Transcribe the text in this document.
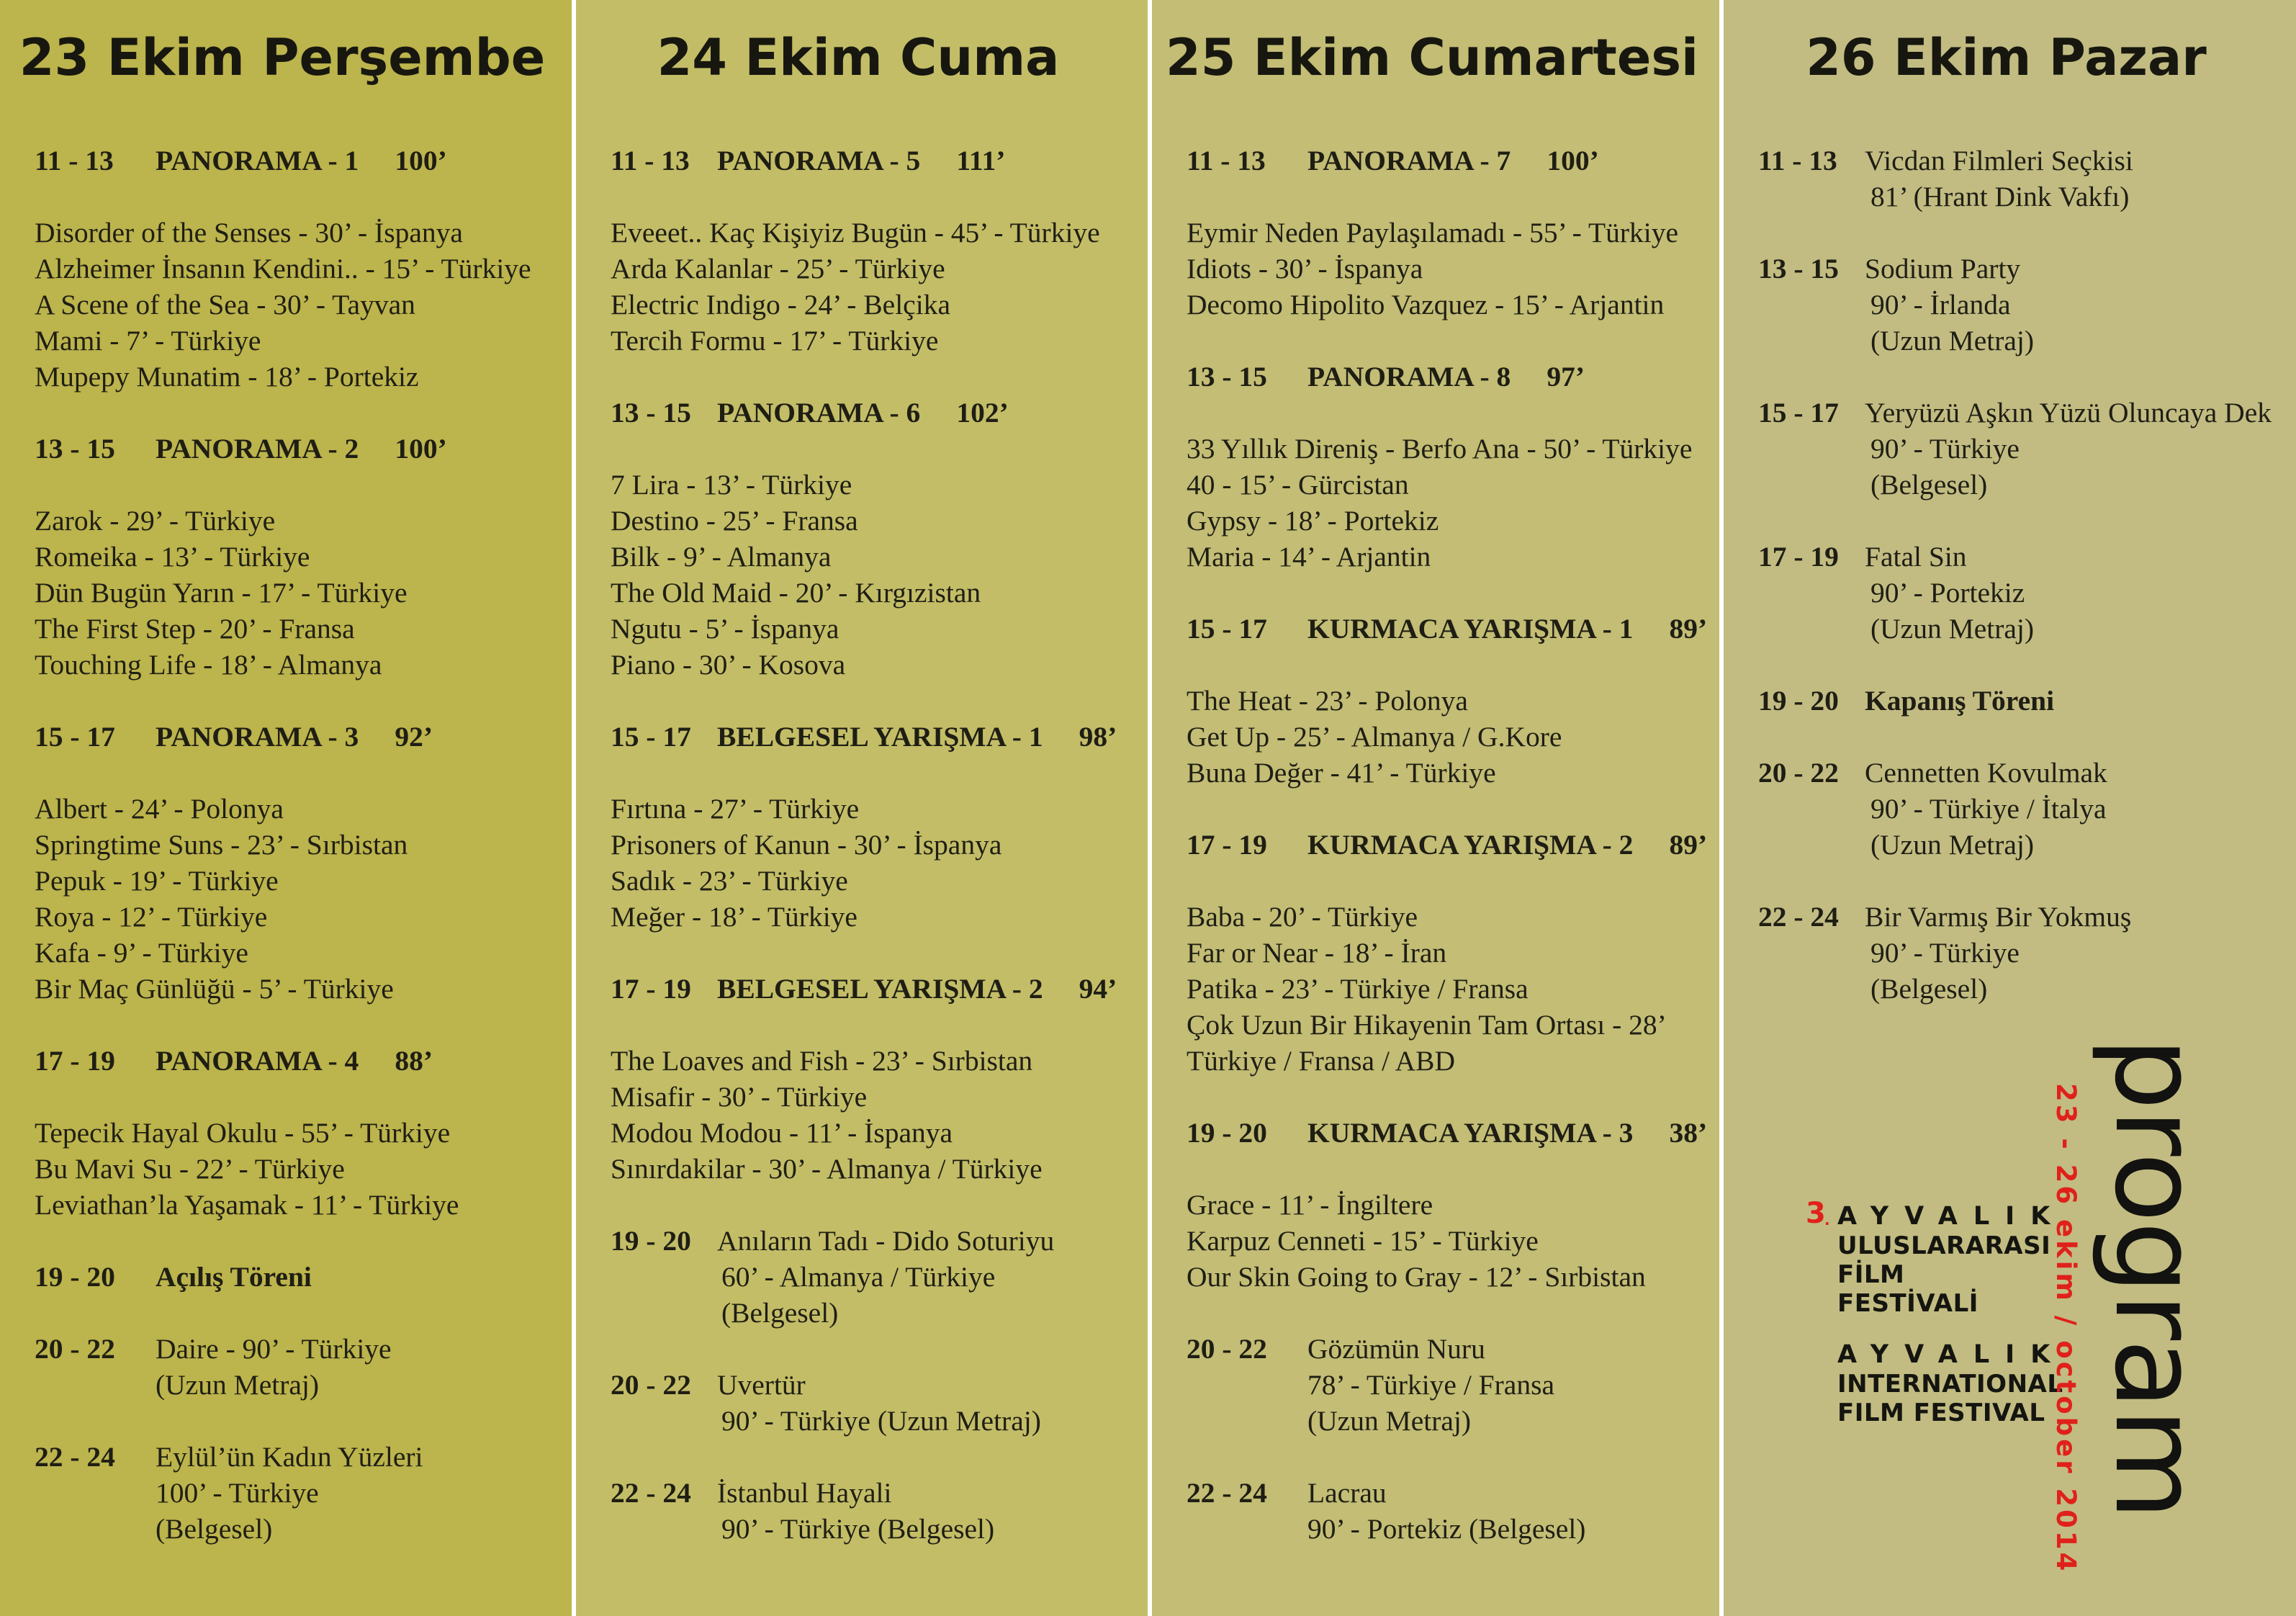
23 Ekim Perşembe
11 - 13 PANORAMA - 1 100’
Disorder of the Senses - 30’ - İspanya
Alzheimer İnsanın Kendini.. - 15’ - Türkiye
A Scene of the Sea - 30’ - Tayvan
Mami - 7’ - Türkiye
Mupepy Munatim - 18’ - Portekiz
13 - 15 PANORAMA - 2 100’
Zarok - 29’ - Türkiye
Romeika - 13’ - Türkiye
Dün Bugün Yarın - 17’ - Türkiye
The First Step - 20’ - Fransa
Touching Life - 18’ - Almanya
15 - 17 PANORAMA - 3 92’
Albert - 24’ - Polonya
Springtime Suns - 23’ - Sırbistan
Pepuk - 19’ - Türkiye
Roya - 12’ - Türkiye
Kafa - 9’ - Türkiye
Bir Maç Günlüğü - 5’ - Türkiye
17 - 19 PANORAMA - 4 88’
Tepecik Hayal Okulu - 55’ - Türkiye
Bu Mavi Su - 22’ - Türkiye
Leviathan’la Yaşamak - 11’ - Türkiye
19 - 20 Açılış Töreni
20 - 22 Daire - 90’ - Türkiye
(Uzun Metraj)
22 - 24 Eylül’ün Kadın Yüzleri
100’ - Türkiye
(Belgesel)
24 Ekim Cuma
11 - 13 PANORAMA - 5 111’
Eveeet.. Kaç Kişiyiz Bugün - 45’ - Türkiye
Arda Kalanlar - 25’ - Türkiye
Electric Indigo - 24’ - Belçika
Tercih Formu - 17’ - Türkiye
13 - 15 PANORAMA - 6 102’
7 Lira - 13’ - Türkiye
Destino - 25’ - Fransa
Bilk - 9’ - Almanya
The Old Maid - 20’ - Kırgızistan
Ngutu - 5’ - İspanya
Piano - 30’ - Kosova
15 - 17 BELGESEL YARIŞMA - 1 98’
Fırtına - 27’ - Türkiye
Prisoners of Kanun - 30’ - İspanya
Sadık - 23’ - Türkiye
Meğer - 18’ - Türkiye
17 - 19 BELGESEL YARIŞMA - 2 94’
The Loaves and Fish - 23’ - Sırbistan
Misafir - 30’ - Türkiye
Modou Modou - 11’ - İspanya
Sınırdakilar - 30’ - Almanya / Türkiye
19 - 20 Anıların Tadı - Dido Soturiyu
60’ - Almanya / Türkiye
(Belgesel)
20 - 22 Uvertür
90’ - Türkiye (Uzun Metraj)
22 - 24 İstanbul Hayali
90’ - Türkiye (Belgesel)
25 Ekim Cumartesi
11 - 13 PANORAMA - 7 100’
Eymir Neden Paylaşılamadı - 55’ - Türkiye
Idiots - 30’ - İspanya
Decomo Hipolito Vazquez - 15’ - Arjantin
13 - 15 PANORAMA - 8 97’
33 Yıllık Direniş - Berfo Ana - 50’ - Türkiye
40 - 15’ - Gürcistan
Gypsy - 18’ - Portekiz
Maria - 14’ - Arjantin
15 - 17 KURMACA YARIŞMA - 1 89’
The Heat - 23’ - Polonya
Get Up - 25’ - Almanya / G.Kore
Buna Değer - 41’ - Türkiye
17 - 19 KURMACA YARIŞMA - 2 89’
Baba - 20’ - Türkiye
Far or Near - 18’ - İran
Patika - 23’ - Türkiye / Fransa
Çok Uzun Bir Hikayenin Tam Ortası - 28’
Türkiye / Fransa / ABD
19 - 20 KURMACA YARIŞMA - 3 38’
Grace - 11’ - İngiltere
Karpuz Cenneti - 15’ - Türkiye
Our Skin Going to Gray - 12’ - Sırbistan
20 - 22 Gözümün Nuru
78’ - Türkiye / Fransa
(Uzun Metraj)
22 - 24 Lacrau
90’ - Portekiz (Belgesel)
26 Ekim Pazar
11 - 13 Vicdan Filmleri Seçkisi
81’ (Hrant Dink Vakfı)
13 - 15 Sodium Party
90’ - İrlanda
(Uzun Metraj)
15 - 17 Yeryüzü Aşkın Yüzü Oluncaya Dek
90’ - Türkiye
(Belgesel)
17 - 19 Fatal Sin
90’ - Portekiz
(Uzun Metraj)
19 - 20 Kapanış Töreni
20 - 22 Cennetten Kovulmak
90’ - Türkiye / İtalya
(Uzun Metraj)
22 - 24 Bir Varmış Bir Yokmuş
90’ - Türkiye
(Belgesel)
3
. AYVALIK
ULUSLARARASI
FİLM FESTİVALİ
AYVALIK
INTERNATIONAL
FILM FESTIVAL 23 - 26 ekim / october 2014 program
